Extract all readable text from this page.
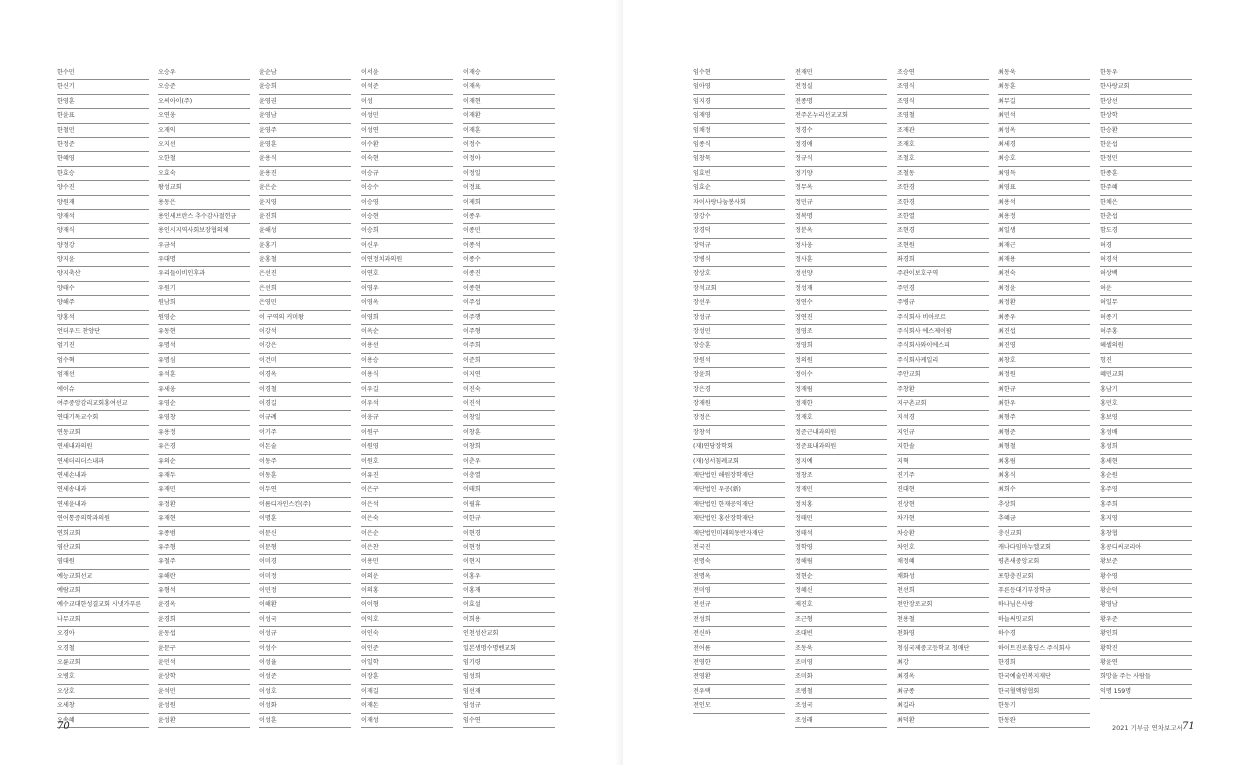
한수민
한신기
한영훈
한윤표
한철민
한정준
한혜영
한효승
양수진
양원재
양재석
양재식
양정강
양지윤
양지축산
양태수
양해주
양홍석
언더우드 찬양단
엄기진
엄수혁
엄재선
에이슈
여주중앙감리교회홍여선교
연대기독교수회
연동교회
연세내과의원
연세더리더스내과
연세손내과
연세송내과
연세윤내과
연어통증의학과의원
연희교회
염산교회
염대원
예능교회선교
예람교회
예수교대한성결교회 시냇가푸른
나무교회
오경아
오경철
오륜교회
오병호
오상호
오세창
오속혜
오승우
오승준
오씨아이(주)
오연웅
오재익
오지선
오한철
오효숙
왕성교회
용동은
용인세브란스 추수감사절헌금
용인시지역사회보장협의체
우금석
우대명
우리들이비인후과
우원기
원남희
원영순
유동현
유명석
유명심
유석훈
유세웅
유영순
유영창
유용정
유은경
유의순
유재두
유재민
유정환
유재현
유종범
유주형
유철주
유해란
유형석
윤경옥
윤경희
윤동섭
윤문구
윤민석
윤상학
윤석민
윤성원
윤성환
윤순남
윤승희
윤영권
윤영남
윤영주
윤영훈
윤용식
윤용진
윤은순
윤지영
윤진희
윤해성
윤홍기
윤홍철
은선진
은선희
은영민
이 구역의 커미왕
이강석
이강은
이건미
이경옥
이경철
이경길
이규례
이기주
이돈술
이동주
이동훈
이두연
이름디자인스킨(주)
이명훈
이문신
이문형
이미경
이미정
이민정
이해환
이성국
이성규
이성수
이성율
이성준
이성호
이성화
이성훈
이서윤
이석준
이성
이성민
이성연
이수환
이숙현
이승규
이승수
이승영
이승현
이승희
이신우
이연정치과의원
이연호
이영우
이영옥
이영희
이옥순
이용선
이용승
이용식
이우길
이우석
이웅규
이원구
이원영
이원호
이유진
이은구
이은석
이은숙
이은순
이은찬
이용민
이의운
이의홍
이이형
이익호
이인숙
이인준
이일학
이장훈
이재길
이재돈
이재성
이재승
이재옥
이재현
이재환
이재훈
이정수
이정아
이정일
이정표
이제희
이종우
이종민
이종석
이종수
이종진
이종현
이주섭
이주행
이주형
이주희
이준희
이지연
이진숙
이진석
이창일
이창훈
이창희
이춘우
이충열
이태희
이필휴
이한규
이현경
이현정
이현지
이홍우
이홍재
이효설
이희용
인천성산교회
일본생명수명벤교회
임기령
임성희
임선재
임성규
임수연
70
임수현
임아영
임지경
임재영
임채정
임종식
임창묵
임효빈
임효순
자이사랑나눔봉사회
장강수
장경덕
장덕규
장병식
장상호
장석교회
장선우
장성규
장성민
장승훈
장원석
장윤희
장은경
장재원
장정은
장창석
(재)연당장학회
(재)성서침례교회
재단법인 해원장학재단
재단법인 우공(新)
재단법인 한재공익재단
재단법인 홍산장학재단
재단법인미래의동반자재단
전국진
전명숙
전명옥
전미영
전선규
전성희
전신하
전어름
전영한
전영환
전우택
전인모
전재민
전정실
전종명
전주온누리선교교회
정경수
정경애
정규식
정기양
정무옥
정민규
정복명
정분옥
정사웅
정사훈
정선양
정성재
정연수
정연진
정영조
정영희
정의원
정이수
정재림
정재한
정재호
정준근내과의원
정준표내과의원
정지예
정창조
정재민
정치홍
정태민
정태석
정학영
정해림
정현순
정혜신
제진호
조근형
조대빈
조동욱
조미영
조미화
조병철
조성국
조성래
조승연
조영식
조영식
조영철
조재관
조재호
조철호
조철동
조한경
조한경
조한열
조현경
조현원
좌경희
주관이보호구역
주민경
주병규
주식회사 비아로르
주식회사 에스제이팜
주식회사와이에스피
주식회사케일리
주안교회
주창환
지구촌교회
지석경
지인규
지한솔
지혁
진기주
진대현
진상현
차가현
차승환
차인호
채정혜
채화성
천선희
천안장로교회
천용철
천화영
청심국제중고등학교 청매단
최강
최경옥
최규종
최길라
최덕환
최동욱
최동훈
최무길
최민석
최성옥
최세경
최승호
최영득
최영표
최용석
최용정
최일생
최재근
최재용
최전숙
최정윤
최정환
최종우
최진섭
최진영
최창호
최정원
최한규
최한우
최형주
최형준
최형철
최홍림
최홍식
최희수
추상희
추혜금
충신교회
캐나다임마누엘교회
평촌새중앙교회
포항충진교회
푸른등대기부장학금
하나님은사랑
하늘써밋교회
하수경
하이트진로홀딩스 주식회사
한경희
한국예술인복지재단
한국혈액암협회
한동기
한동완
한동우
한사랑교회
한상선
한상학
한승환
한운섭
한정민
한종훈
한주혜
한채은
한춘섭
함도경
허경
허경석
허상백
허운
허일무
허종기
허주홍
헤셀의원
헝진
혜민교회
홍남기
홍민호
홍보영
홍성배
홍성희
홍세현
홍순원
홍주영
홍주희
홍지영
홍창협
홍콩디씨코리아
황보준
황수영
황순덕
황영남
황우준
황인희
황학진
황윤연
희망을 주는 사람들
익명 159명
2021 기부금 연차보고서 71
